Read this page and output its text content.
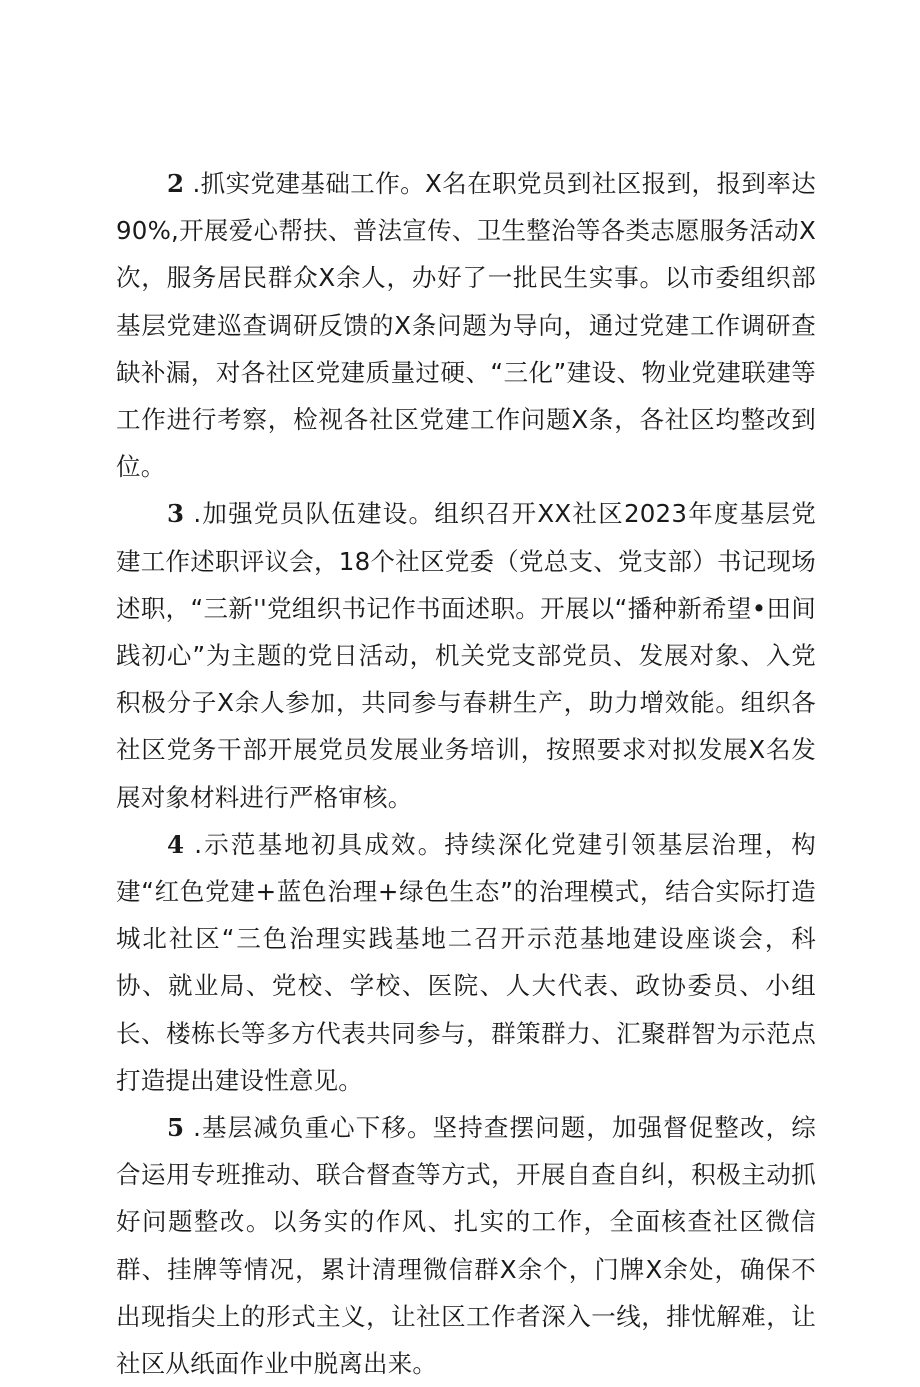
2 .抓实党建基础工作。X名在职党员到社区报到，报到率达90%,开展爱心帮扶、普法宣传、卫生整治等各类志愿服务活动X次，服务居民群众X余人，办好了一批民生实事。以市委组织部基层党建巡查调研反馈的X条问题为导向，通过党建工作调研查缺补漏，对各社区党建质量过硬、“三化”建设、物业党建联建等工作进行考察，检视各社区党建工作问题X条，各社区均整改到位。

3 .加强党员队伍建设。组织召开XX社区2023年度基层党建工作述职评议会，18个社区党委（党总支、党支部）书记现场述职，“三新''党组织书记作书面述职。开展以“播种新希望•田间践初心”为主题的党日活动，机关党支部党员、发展对象、入党积极分子X余人参加，共同参与春耕生产，助力增效能。组织各社区党务干部开展党员发展业务培训，按照要求对拟发展X名发展对象材料进行严格审核。

4 .示范基地初具成效。持续深化党建引领基层治理，构建“红色党建+蓝色治理+绿色生态”的治理模式，结合实际打造城北社区“三色治理实践基地二召开示范基地建设座谈会，科协、就业局、党校、学校、医院、人大代表、政协委员、小组长、楼栋长等多方代表共同参与，群策群力、汇聚群智为示范点打造提出建设性意见。

5 .基层减负重心下移。坚持查摆问题，加强督促整改，综合运用专班推动、联合督查等方式，开展自查自纠，积极主动抓好问题整改。以务实的作风、扎实的工作，全面核查社区微信群、挂牌等情况，累计清理微信群X余个，门牌X余处，确保不出现指尖上的形式主义，让社区工作者深入一线，排忧解难，让社区从纸面作业中脱离出来。
